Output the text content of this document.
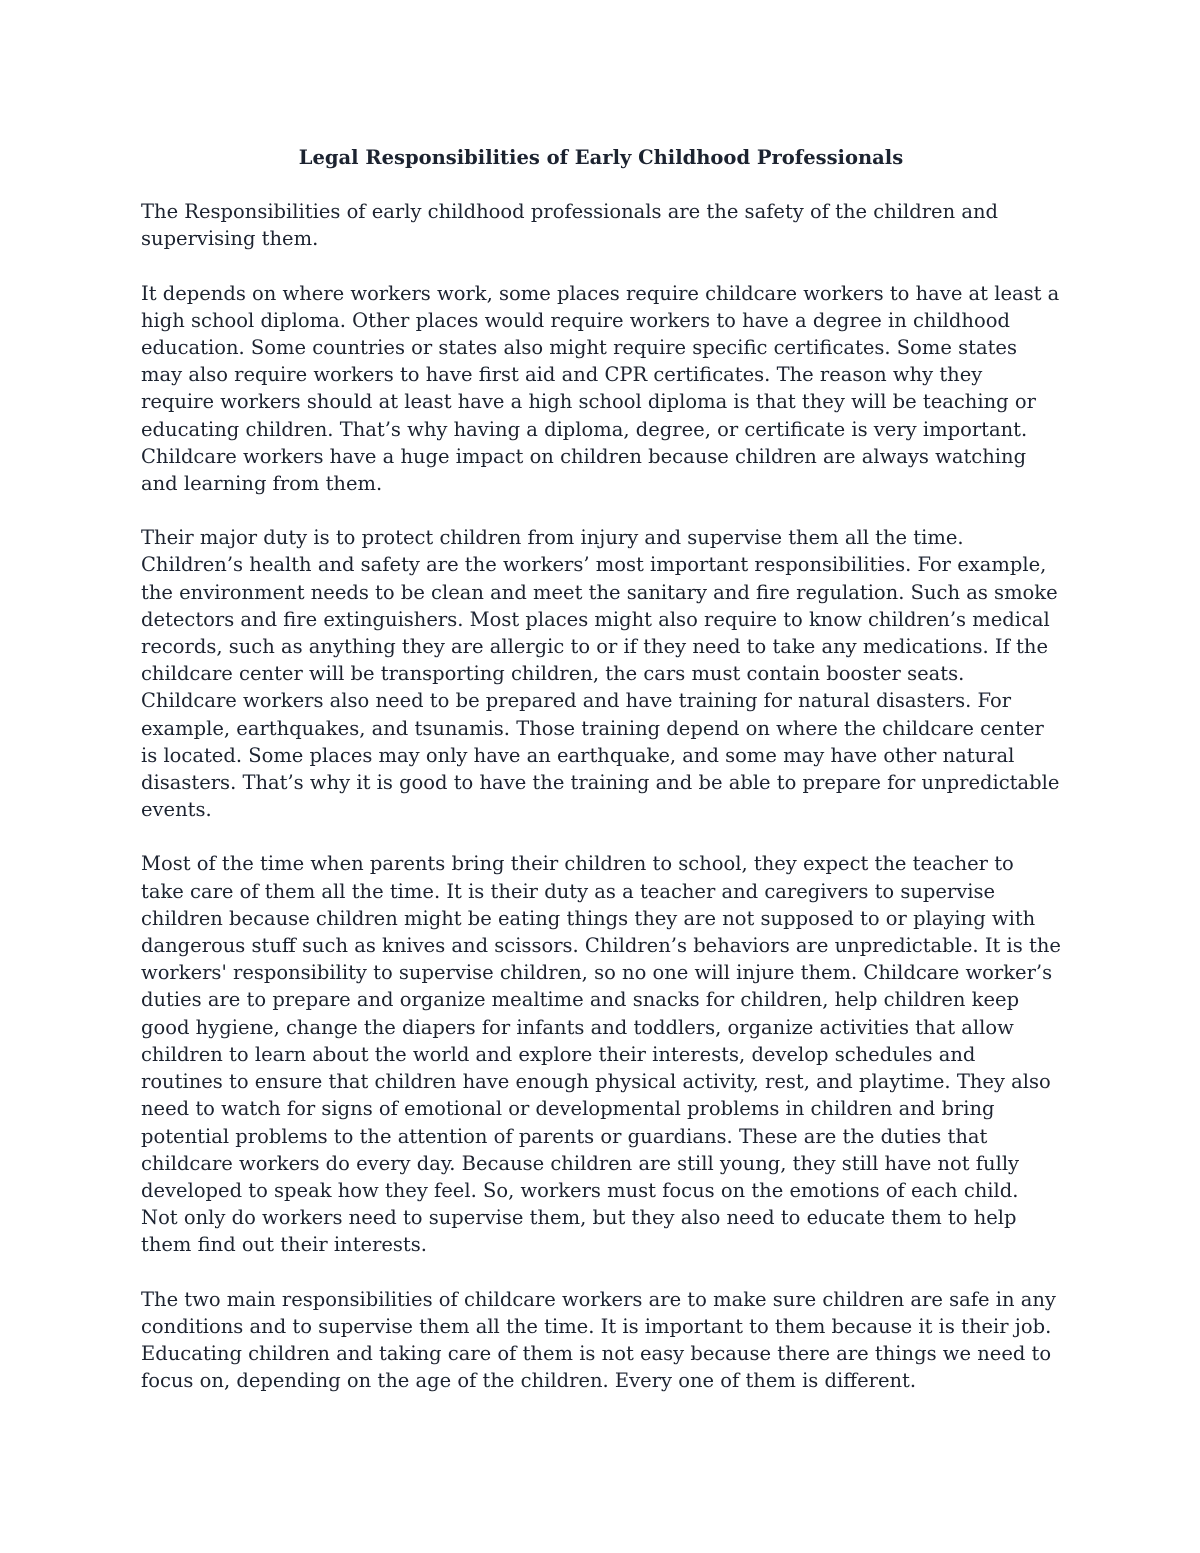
Legal Responsibilities of Early Childhood Professionals

The Responsibilities of early childhood professionals are the safety of the children and supervising them.

It depends on where workers work, some places require childcare workers to have at least a high school diploma. Other places would require workers to have a degree in childhood education. Some countries or states also might require specific certificates. Some states may also require workers to have first aid and CPR certificates. The reason why they require workers should at least have a high school diploma is that they will be teaching or educating children. That’s why having a diploma, degree, or certificate is very important. Childcare workers have a huge impact on children because children are always watching and learning from them.

Their major duty is to protect children from injury and supervise them all the time. Children’s health and safety are the workers’ most important responsibilities. For example, the environment needs to be clean and meet the sanitary and fire regulation. Such as smoke detectors and fire extinguishers. Most places might also require to know children’s medical records, such as anything they are allergic to or if they need to take any medications. If the childcare center will be transporting children, the cars must contain booster seats. Childcare workers also need to be prepared and have training for natural disasters. For example, earthquakes, and tsunamis. Those training depend on where the childcare center is located. Some places may only have an earthquake, and some may have other natural disasters. That’s why it is good to have the training and be able to prepare for unpredictable events.

Most of the time when parents bring their children to school, they expect the teacher to take care of them all the time. It is their duty as a teacher and caregivers to supervise children because children might be eating things they are not supposed to or playing with dangerous stuff such as knives and scissors. Children’s behaviors are unpredictable. It is the workers' responsibility to supervise children, so no one will injure them. Childcare worker’s duties are to prepare and organize mealtime and snacks for children, help children keep good hygiene, change the diapers for infants and toddlers, organize activities that allow children to learn about the world and explore their interests, develop schedules and routines to ensure that children have enough physical activity, rest, and playtime. They also need to watch for signs of emotional or developmental problems in children and bring potential problems to the attention of parents or guardians. These are the duties that childcare workers do every day. Because children are still young, they still have not fully developed to speak how they feel. So, workers must focus on the emotions of each child. Not only do workers need to supervise them, but they also need to educate them to help them find out their interests.

The two main responsibilities of childcare workers are to make sure children are safe in any conditions and to supervise them all the time. It is important to them because it is their job. Educating children and taking care of them is not easy because there are things we need to focus on, depending on the age of the children. Every one of them is different.
